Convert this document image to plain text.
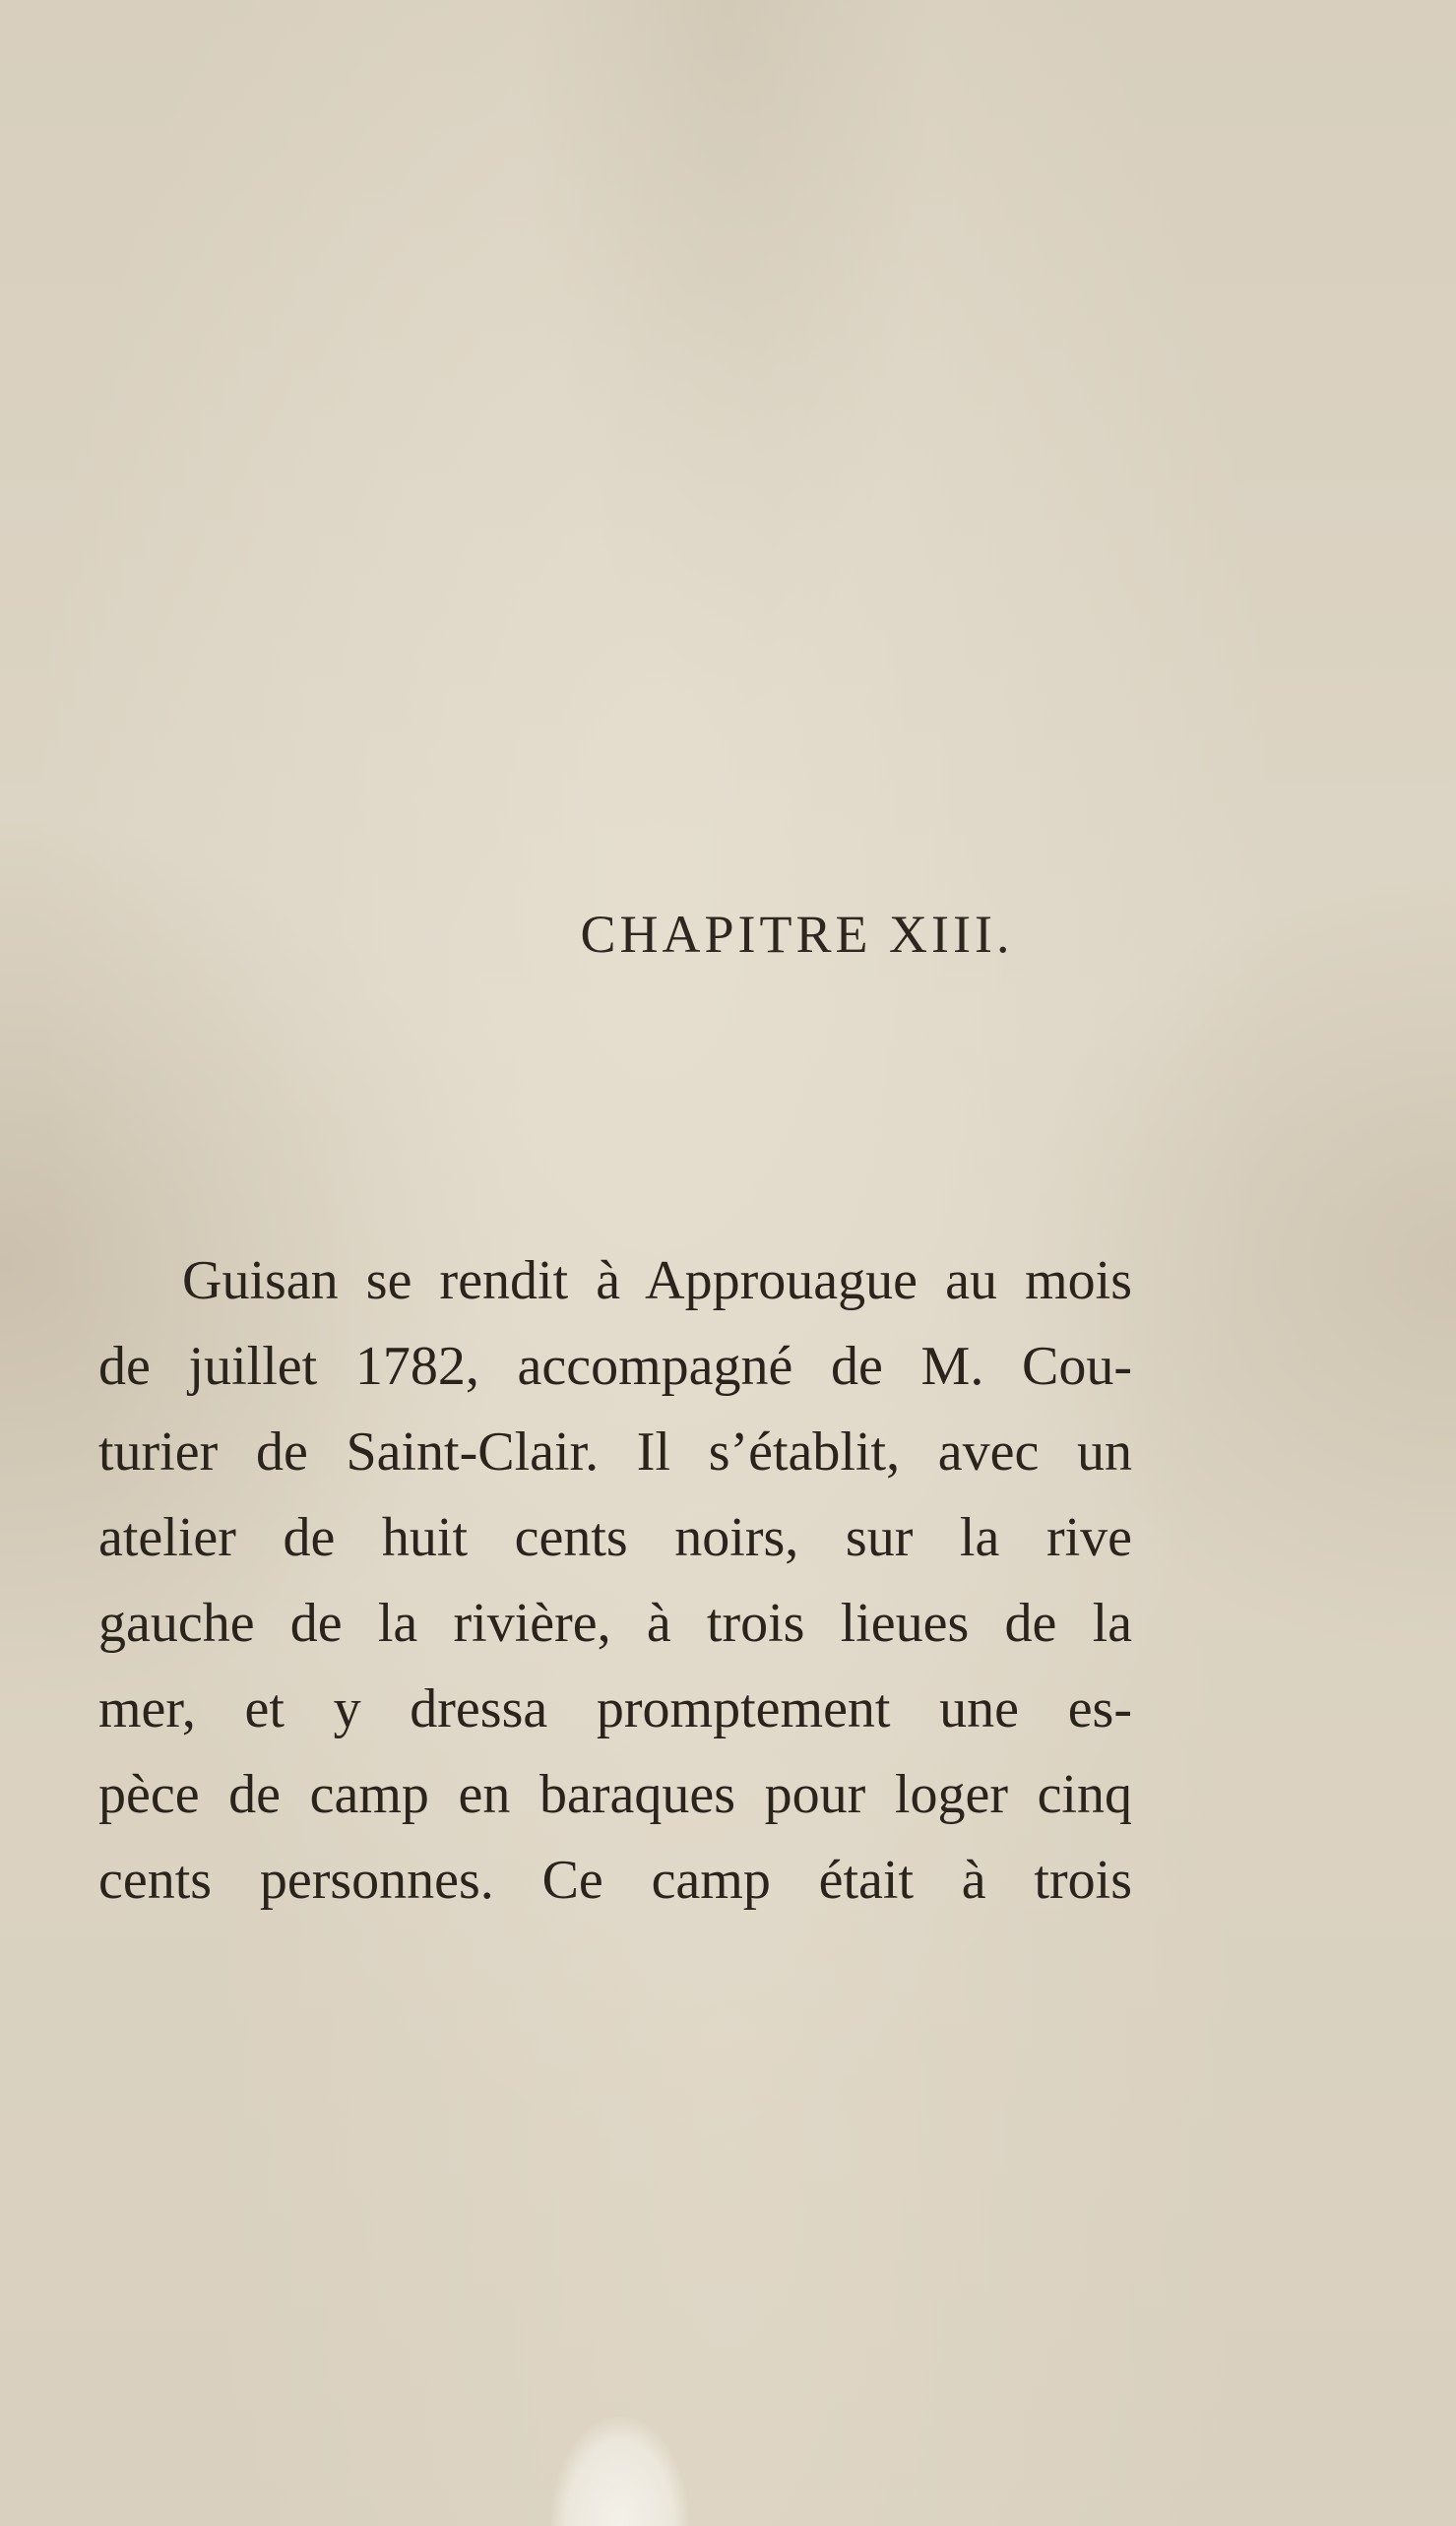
CHAPITRE XIII.
Guisan se rendit à Approuague au mois
de juillet 1782, accompagné de M. Cou-
turier de Saint-Clair. Il s’établit, avec un
atelier de huit cents noirs, sur la rive
gauche de la rivière, à trois lieues de la
mer, et y dressa promptement une es-
pèce de camp en baraques pour loger cinq
cents personnes. Ce camp était à trois
